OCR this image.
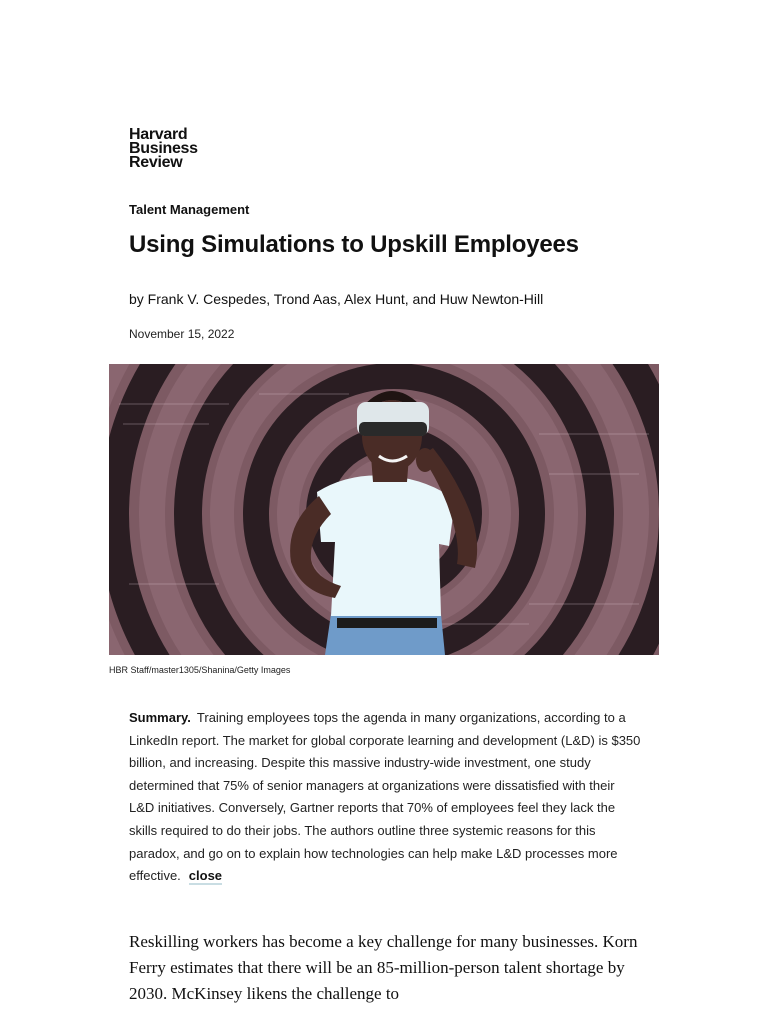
Harvard
Business
Review
Talent Management
Using Simulations to Upskill Employees
by Frank V. Cespedes, Trond Aas, Alex Hunt, and Huw Newton-Hill
November 15, 2022
HBR Staff/master1305/Shanina/Getty Images

Summary. Training employees tops the agenda in many organizations, according to a LinkedIn report. The market for global corporate learning and development (L&D) is $350 billion, and increasing. Despite this massive industry-wide investment, one study determined that 75% of senior managers at organizations were dissatisfied with their L&D initiatives. Conversely, Gartner reports that 70% of employees feel they lack the skills required to do their jobs. The authors outline three systemic reasons for this paradox, and go on to explain how technologies can help make L&D processes more effective. close

Reskilling workers has become a key challenge for many businesses. Korn Ferry estimates that there will be an 85-million-person talent shortage by 2030. McKinsey likens the challenge to
